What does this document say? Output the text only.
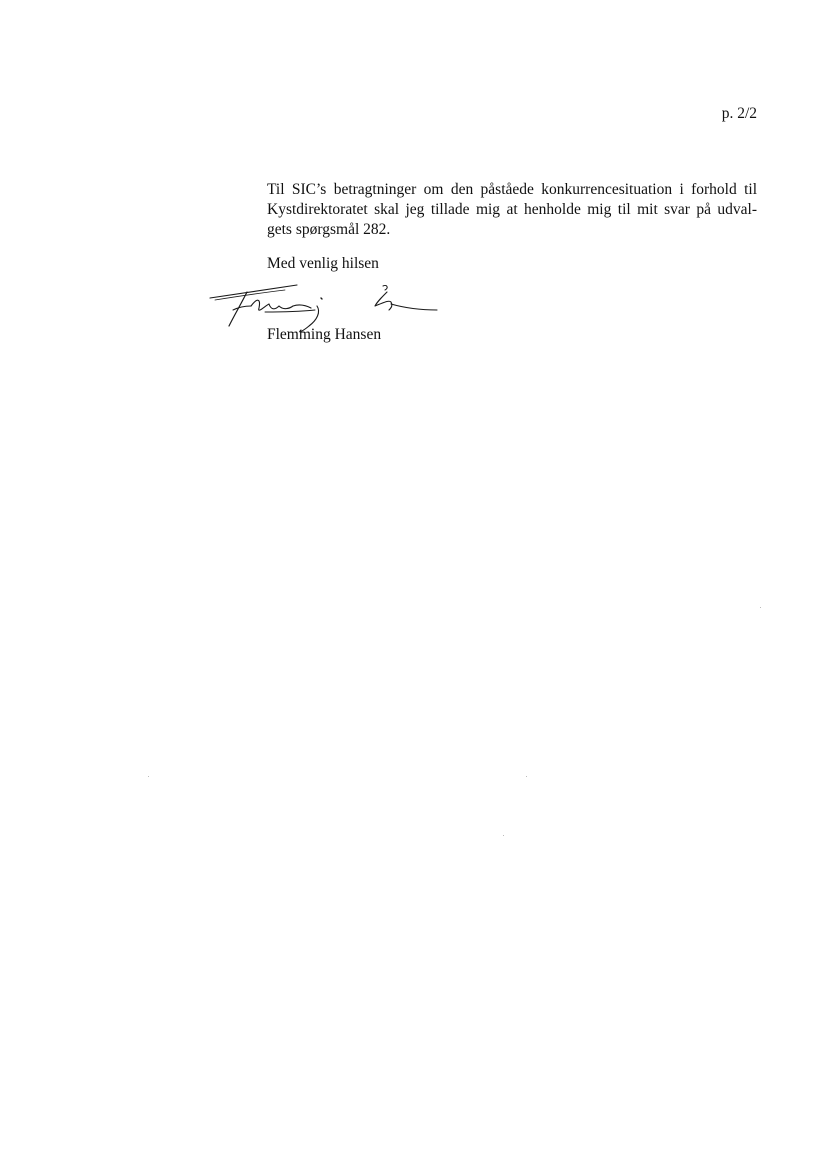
p. 2/2

Til SIC’s betragtninger om den påståede konkurrencesituation i forhold til
Kystdirektoratet skal jeg tillade mig at henholde mig til mit svar på udval-
gets spørgsmål 282.

Med venlig hilsen
Flemming Hansen
